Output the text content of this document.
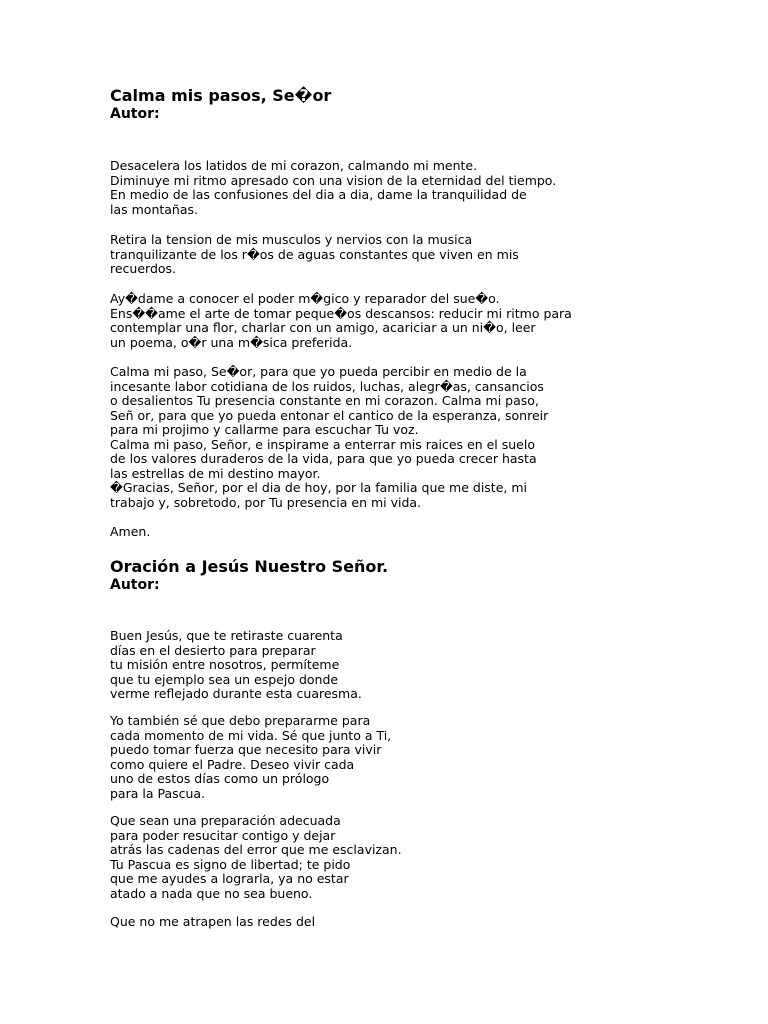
Calma mis pasos, Se�or
Autor:

Desacelera los latidos de mi corazon, calmando mi mente.
Diminuye mi ritmo apresado con una vision de la eternidad del tiempo.
En medio de las confusiones del dia a dia, dame la tranquilidad de
las montañas.

Retira la tension de mis musculos y nervios con la musica
tranquilizante de los r�os de aguas constantes que viven en mis
recuerdos.

Ay�dame a conocer el poder m�gico y reparador del sue�o.
Ens��ame el arte de tomar peque�os descansos: reducir mi ritmo para
contemplar una flor, charlar con un amigo, acariciar a un ni�o, leer
un poema, o�r una m�sica preferida.

Calma mi paso, Se�or, para que yo pueda percibir en medio de la
incesante labor cotidiana de los ruidos, luchas, alegr�as, cansancios
o desalientos Tu presencia constante en mi corazon. Calma mi paso,
Señ or, para que yo pueda entonar el cantico de la esperanza, sonreir
para mi projimo y callarme para escuchar Tu voz.
Calma mi paso, Señor, e inspirame a enterrar mis raices en el suelo
de los valores duraderos de la vida, para que yo pueda crecer hasta
las estrellas de mi destino mayor.
�Gracias, Señor, por el dia de hoy, por la familia que me diste, mi
trabajo y, sobretodo, por Tu presencia en mi vida.

Amen.

Oración a Jesús Nuestro Señor.
Autor:

Buen Jesús, que te retiraste cuarenta
días en el desierto para preparar
tu misión entre nosotros, permíteme
que tu ejemplo sea un espejo donde
verme reflejado durante esta cuaresma.

Yo también sé que debo prepararme para
cada momento de mi vida. Sé que junto a Ti,
puedo tomar fuerza que necesito para vivir
como quiere el Padre. Deseo vivir cada
uno de estos días como un prólogo
para la Pascua.

Que sean una preparación adecuada
para poder resucitar contigo y dejar
atrás las cadenas del error que me esclavizan.
Tu Pascua es signo de libertad; te pido
que me ayudes a lograrla, ya no estar
atado a nada que no sea bueno.

Que no me atrapen las redes del
